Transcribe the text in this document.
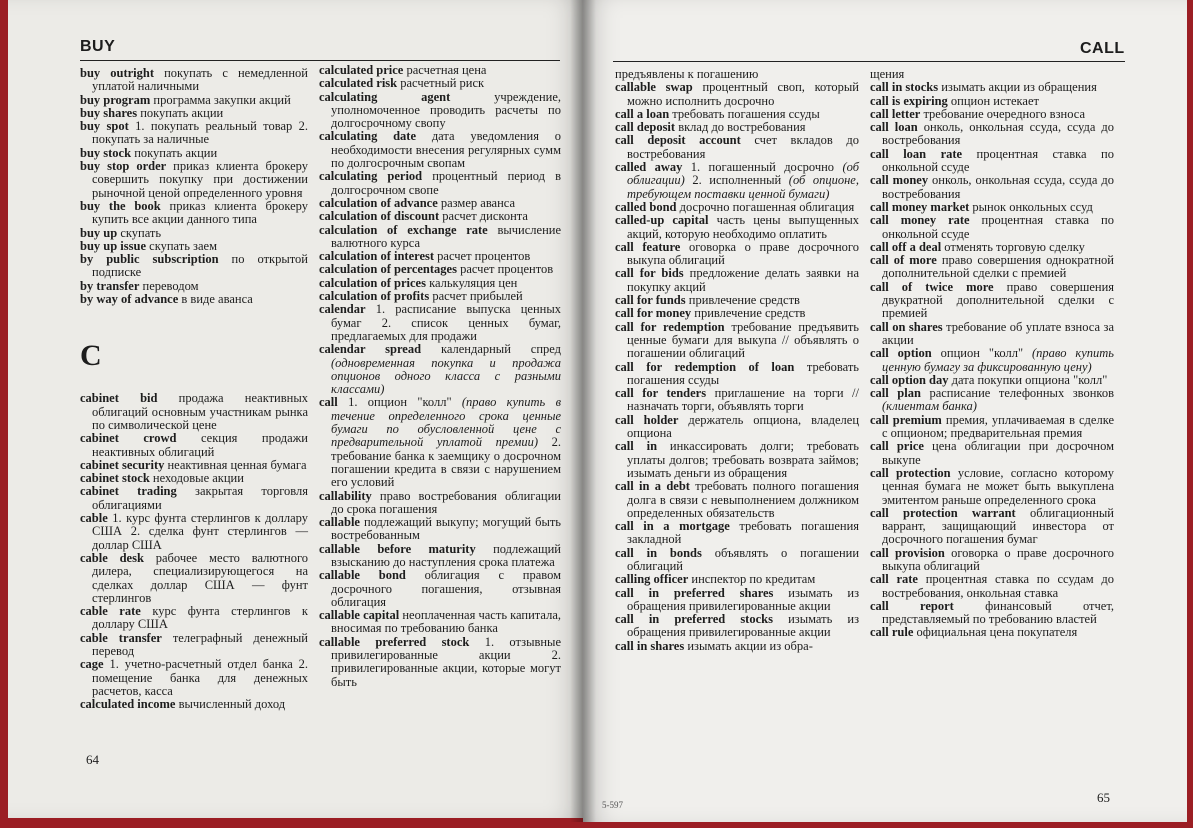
BUY

buy outright покупать с немедленной уплатой наличными

buy program программа закупки акций

buy shares покупать акции

buy spot 1. покупать реальный товар 2. покупать за наличные

buy stock покупать акции

buy stop order приказ клиента брокеру совершить покупку при достижении рыночной ценой определенного уровня

buy the book приказ клиента брокеру купить все акции данного типа

buy up скупать

buy up issue скупать заем

by public subscription по открытой подписке

by transfer переводом

by way of advance в виде аванса

C

cabinet bid продажа неактивных облигаций основным участникам рынка по символической цене

cabinet crowd секция продажи неактивных облигаций

cabinet security неактивная ценная бумага

cabinet stock неходовые акции

cabinet trading закрытая торговля облигациями

cable 1. курс фунта стерлингов к доллару США 2. сделка фунт стерлингов — доллар США

cable desk рабочее место валютного дилера, специализирующегося на сделках доллар США — фунт стерлингов

cable rate курс фунта стерлингов к доллару США

cable transfer телеграфный денежный перевод

cage 1. учетно-расчетный отдел банка 2. помещение банка для денежных расчетов, касса

calculated income вычисленный доход

calculated price расчетная цена

calculated risk расчетный риск

calculating agent	учреждение, уполномоченное проводить расчеты по долгосрочному свопу

calculating date дата уведомления о необходимости внесения регулярных сумм по долгосрочным свопам

calculating period процентный период в долгосрочном свопе

calculation of advance размер аванса

calculation of discount расчет дисконта

calculation of exchange rate вычисление валютного курса

calculation of interest расчет процентов

calculation of percentages расчет процентов

calculation of prices калькуляция цен

calculation of profits расчет прибылей

calendar 1. расписание выпуска ценных бумаг 2. список ценных бумаг, предлагаемых для продажи

calendar spread календарный спред (одновременная покупка и продажа опционов одного класса с разными классами)

call 1. опцион "колл" (право купить в течение определенного срока ценные бумаги по обусловленной цене с предварительной уплатой премии) 2. требование банка к заемщику о досрочном погашении кредита в связи с нарушением его условий

callability право востребования облигации до срока погашения

callable подлежащий выкупу; могущий быть востребованным

callable before maturity подлежащий взысканию до наступления срока платежа

callable bond облигация с правом досрочного погашения, отзывная облигация

callable capital неоплаченная часть капитала, вносимая по требованию банка

callable preferred stock 1. отзывные привилегированные акции 2. привилегированные акции, которые могут быть

64
CALL

предъявлены к погашению

callable swap процентный своп, который можно исполнить досрочно

call a loan требовать погашения ссуды

call deposit вклад до востребования

call deposit account счет вкладов до востребования

called away 1. погашенный досрочно (об облигации) 2. исполненный (об опционе, требующем поставки ценной бумаги)

called bond досрочно погашенная облигация

called-up capital часть цены выпущенных акций, которую необходимо оплатить

call feature оговорка о праве досрочного выкупа облигаций

call for bids предложение делать заявки на покупку акций

call for funds привлечение средств

call for money привлечение средств

call for redemption требование предъявить ценные бумаги для выкупа // объявлять о погашении облигаций

call for redemption of loan требовать погашения ссуды

call for tenders приглашение на торги // назначать торги, объявлять торги

call holder держатель опциона, владелец опциона

call in инкассировать долги; требовать уплаты долгов; требовать возврата займов; изымать деньги из обращения

call in a debt требовать полного погашения долга в связи с невыполнением должником определенных обязательств

call in a mortgage требовать погашения закладной

call in bonds объявлять о погашении облигаций

calling officer инспектор по кредитам

call in preferred shares изымать из обращения привилегированные акции

call in preferred stocks изымать из обращения привилегированные акции

call in shares изымать акции из обра-

щения

call in stocks изымать акции из обращения

call is expiring опцион истекает

call letter требование очередного взноса

call loan онколь, онкольная ссуда, ссуда до востребования

call loan rate процентная ставка по онкольной ссуде

call money онколь, онкольная ссуда, ссуда до востребования

call money market рынок онкольных ссуд

call money rate процентная ставка по онкольной ссуде

call off a deal отменять торговую сделку

call of more право совершения однократной дополнительной сделки с премией

call of twice more право совершения двукратной дополнительной сделки с премией

call on shares требование об уплате взноса за акции

call option опцион "колл" (право купить ценную бумагу за фиксированную цену)

call option day дата покупки опциона "колл"

call plan расписание телефонных звонков (клиентам банка)

call premium премия, уплачиваемая в сделке с опционом; предварительная премия

call price цена облигации при досрочном выкупе

call protection условие, согласно которому ценная бумага не может быть выкуплена эмитентом раньше определенного срока

call protection warrant облигационный варрант, защищающий инвестора от досрочного погашения бумаг

call provision оговорка о праве досрочного выкупа облигаций

call rate процентная ставка по ссудам до востребования, онкольная ставка

call report	финансовый отчет, представляемый по требованию властей

call rule официальная цена покупателя

5-597	65
